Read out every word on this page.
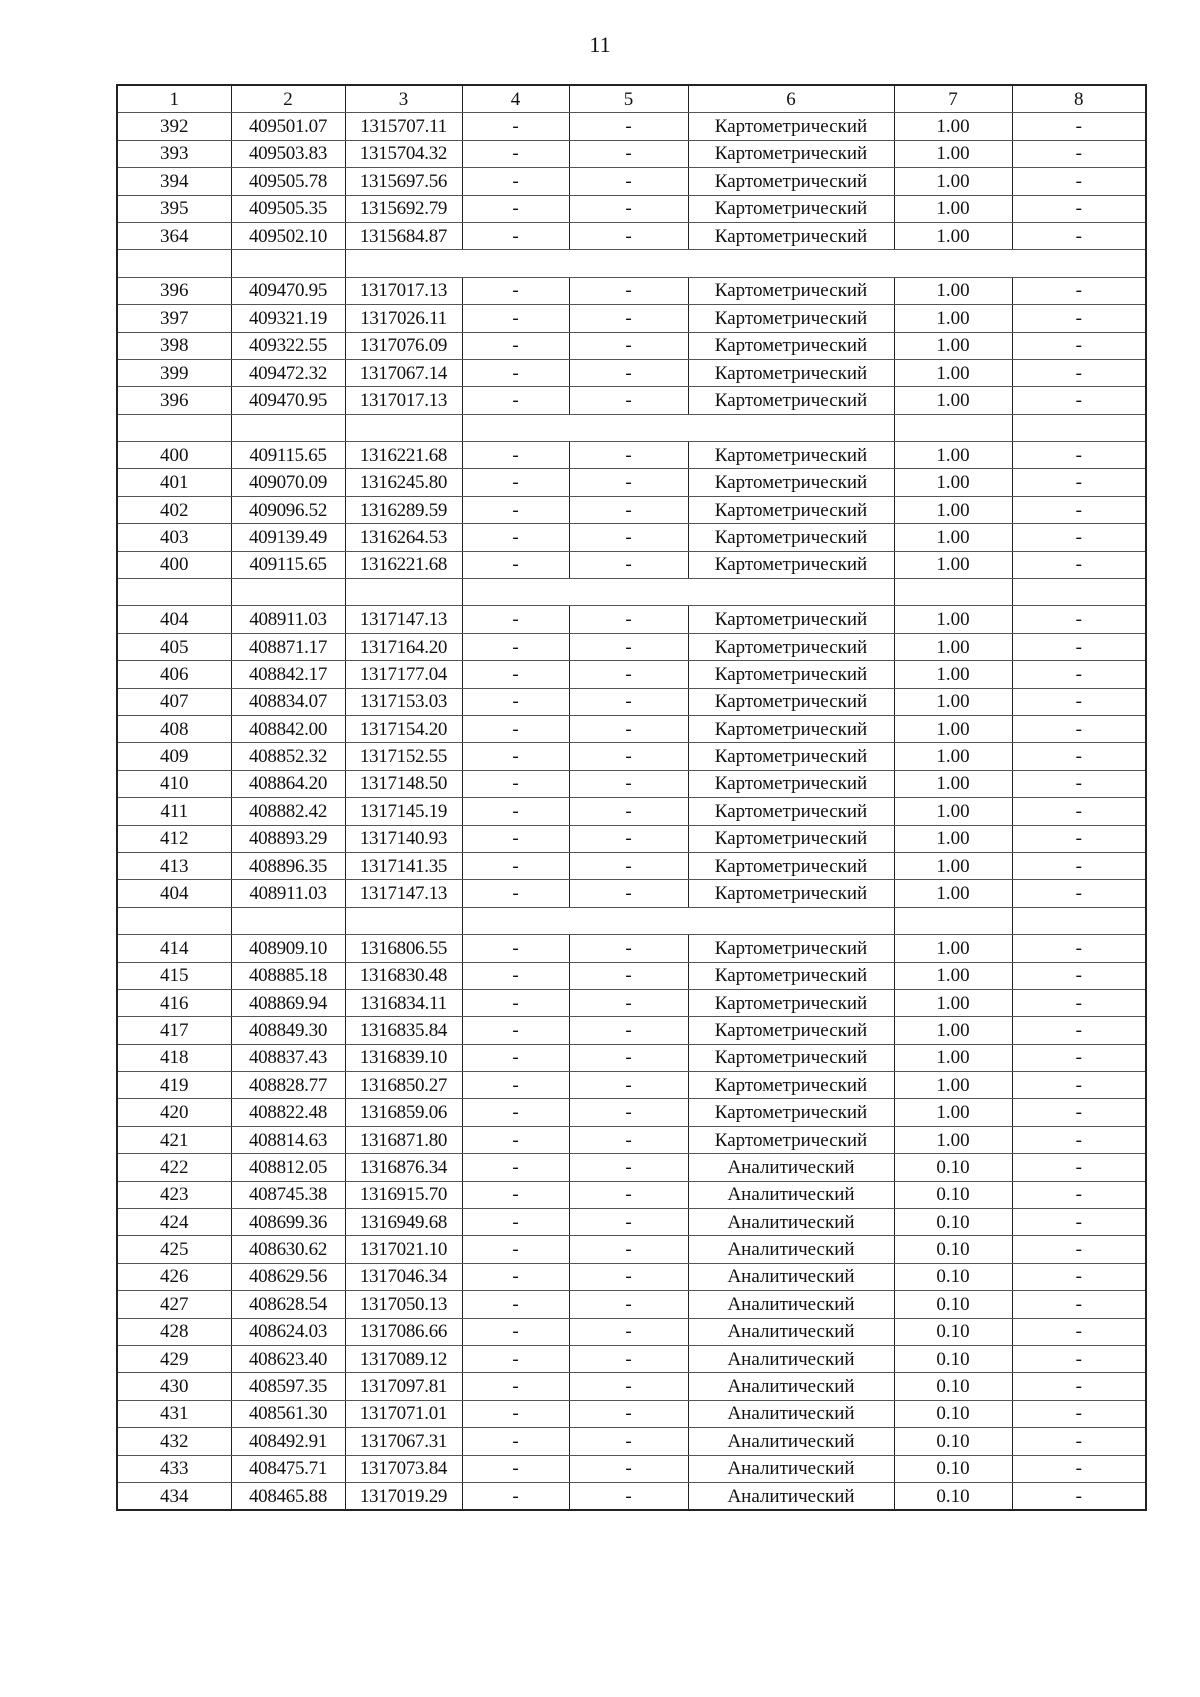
11
1	2	3	4	5	6	7	8
392	409501.07	1315707.11	-	-	Картометрический	1.00	-
393	409503.83	1315704.32	-	-	Картометрический	1.00	-
394	409505.78	1315697.56	-	-	Картометрический	1.00	-
395	409505.35	1315692.79	-	-	Картометрический	1.00	-
364	409502.10	1315684.87	-	-	Картометрический	1.00	-

396	409470.95	1317017.13	-	-	Картометрический	1.00	-
397	409321.19	1317026.11	-	-	Картометрический	1.00	-
398	409322.55	1317076.09	-	-	Картометрический	1.00	-
399	409472.32	1317067.14	-	-	Картометрический	1.00	-
396	409470.95	1317017.13	-	-	Картометрический	1.00	-

400	409115.65	1316221.68	-	-	Картометрический	1.00	-
401	409070.09	1316245.80	-	-	Картометрический	1.00	-
402	409096.52	1316289.59	-	-	Картометрический	1.00	-
403	409139.49	1316264.53	-	-	Картометрический	1.00	-
400	409115.65	1316221.68	-	-	Картометрический	1.00	-

404	408911.03	1317147.13	-	-	Картометрический	1.00	-
405	408871.17	1317164.20	-	-	Картометрический	1.00	-
406	408842.17	1317177.04	-	-	Картометрический	1.00	-
407	408834.07	1317153.03	-	-	Картометрический	1.00	-
408	408842.00	1317154.20	-	-	Картометрический	1.00	-
409	408852.32	1317152.55	-	-	Картометрический	1.00	-
410	408864.20	1317148.50	-	-	Картометрический	1.00	-
411	408882.42	1317145.19	-	-	Картометрический	1.00	-
412	408893.29	1317140.93	-	-	Картометрический	1.00	-
413	408896.35	1317141.35	-	-	Картометрический	1.00	-
404	408911.03	1317147.13	-	-	Картометрический	1.00	-

414	408909.10	1316806.55	-	-	Картометрический	1.00	-
415	408885.18	1316830.48	-	-	Картометрический	1.00	-
416	408869.94	1316834.11	-	-	Картометрический	1.00	-
417	408849.30	1316835.84	-	-	Картометрический	1.00	-
418	408837.43	1316839.10	-	-	Картометрический	1.00	-
419	408828.77	1316850.27	-	-	Картометрический	1.00	-
420	408822.48	1316859.06	-	-	Картометрический	1.00	-
421	408814.63	1316871.80	-	-	Картометрический	1.00	-
422	408812.05	1316876.34	-	-	Аналитический	0.10	-
423	408745.38	1316915.70	-	-	Аналитический	0.10	-
424	408699.36	1316949.68	-	-	Аналитический	0.10	-
425	408630.62	1317021.10	-	-	Аналитический	0.10	-
426	408629.56	1317046.34	-	-	Аналитический	0.10	-
427	408628.54	1317050.13	-	-	Аналитический	0.10	-
428	408624.03	1317086.66	-	-	Аналитический	0.10	-
429	408623.40	1317089.12	-	-	Аналитический	0.10	-
430	408597.35	1317097.81	-	-	Аналитический	0.10	-
431	408561.30	1317071.01	-	-	Аналитический	0.10	-
432	408492.91	1317067.31	-	-	Аналитический	0.10	-
433	408475.71	1317073.84	-	-	Аналитический	0.10	-
434	408465.88	1317019.29	-	-	Аналитический	0.10	-
